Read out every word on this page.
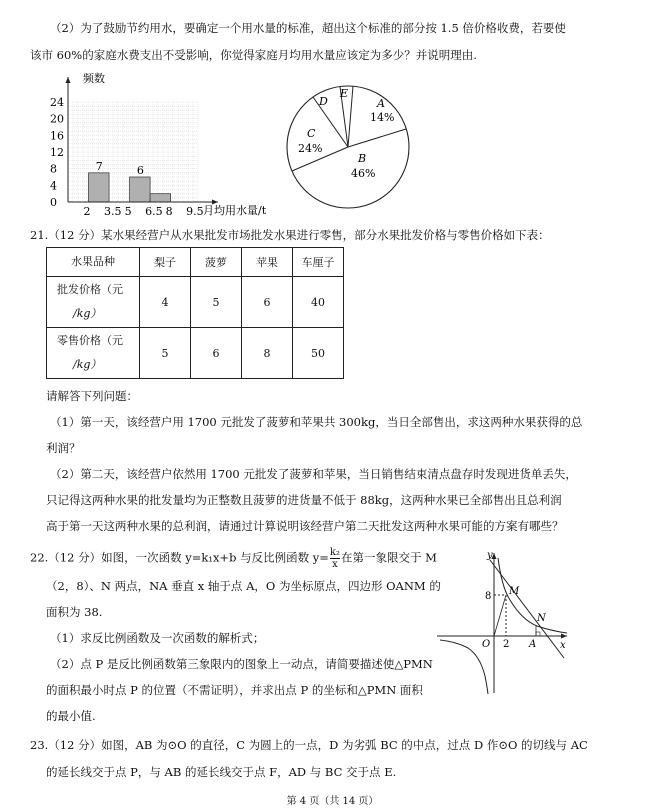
（2）为了鼓励节约用水，要确定一个用水量的标准，超出这个标准的部分按 1.5 倍价格收费，若要使
该市 60%的家庭水费支出不受影响，你觉得家庭月均用水量应该定为多少？并说明理由.
频数
24
20
16
12
8
4
0
2 3.5 5 6.5 8 9.5 月均用水量/t
7	6
A
14%
B
46%
C
24%
D
E
21.（12 分）某水果经营户从水果批发市场批发水果进行零售，部分水果批发价格与零售价格如下表：
水果品种	梨子	菠萝	苹果	车厘子

批发价格（元
/kg）	4	5	6	40

零售价格（元
/kg）	5	6	8	50
请解答下列问题：
（1）第一天，该经营户用 1700 元批发了菠萝和苹果共 300kg，当日全部售出，求这两种水果获得的总
利润？
（2）第二天，该经营户依然用 1700 元批发了菠萝和苹果，当日销售结束清点盘存时发现进货单丢失，
只记得这两种水果的批发量均为正整数且菠萝的进货量不低于 88kg，这两种水果已全部售出且总利润
高于第一天这两种水果的总利润，请通过计算说明该经营户第二天批发这两种水果可能的方案有哪些？
22.（12 分）如图，一次函数 y=k₁x+b 与反比例函数 $y= \frac{\text{k₂}}{x}$ 在第一象限交于 M
（2，8）、N 两点，NA 垂直 x 轴于点 A，O 为坐标原点，四边形 OANM 的
面积为 38.
（1）求反比例函数及一次函数的解析式；
（2）点 P 是反比例函数第三象限内的图象上一动点，请简要描述使△PMN
的面积最小时点 P 的位置（不需证明），并求出点 P 的坐标和△PMN 面积
的最小值.
y
x
O
8
2
M
N
A
23.（12 分）如图，AB 为⊙O 的直径，C 为圆上的一点，D 为劣弧 BC 的中点，过点 D 作⊙O 的切线与 AC
的延长线交于点 P，与 AB 的延长线交于点 F，AD 与 BC 交于点 E.
第 4 页（共 14 页）
